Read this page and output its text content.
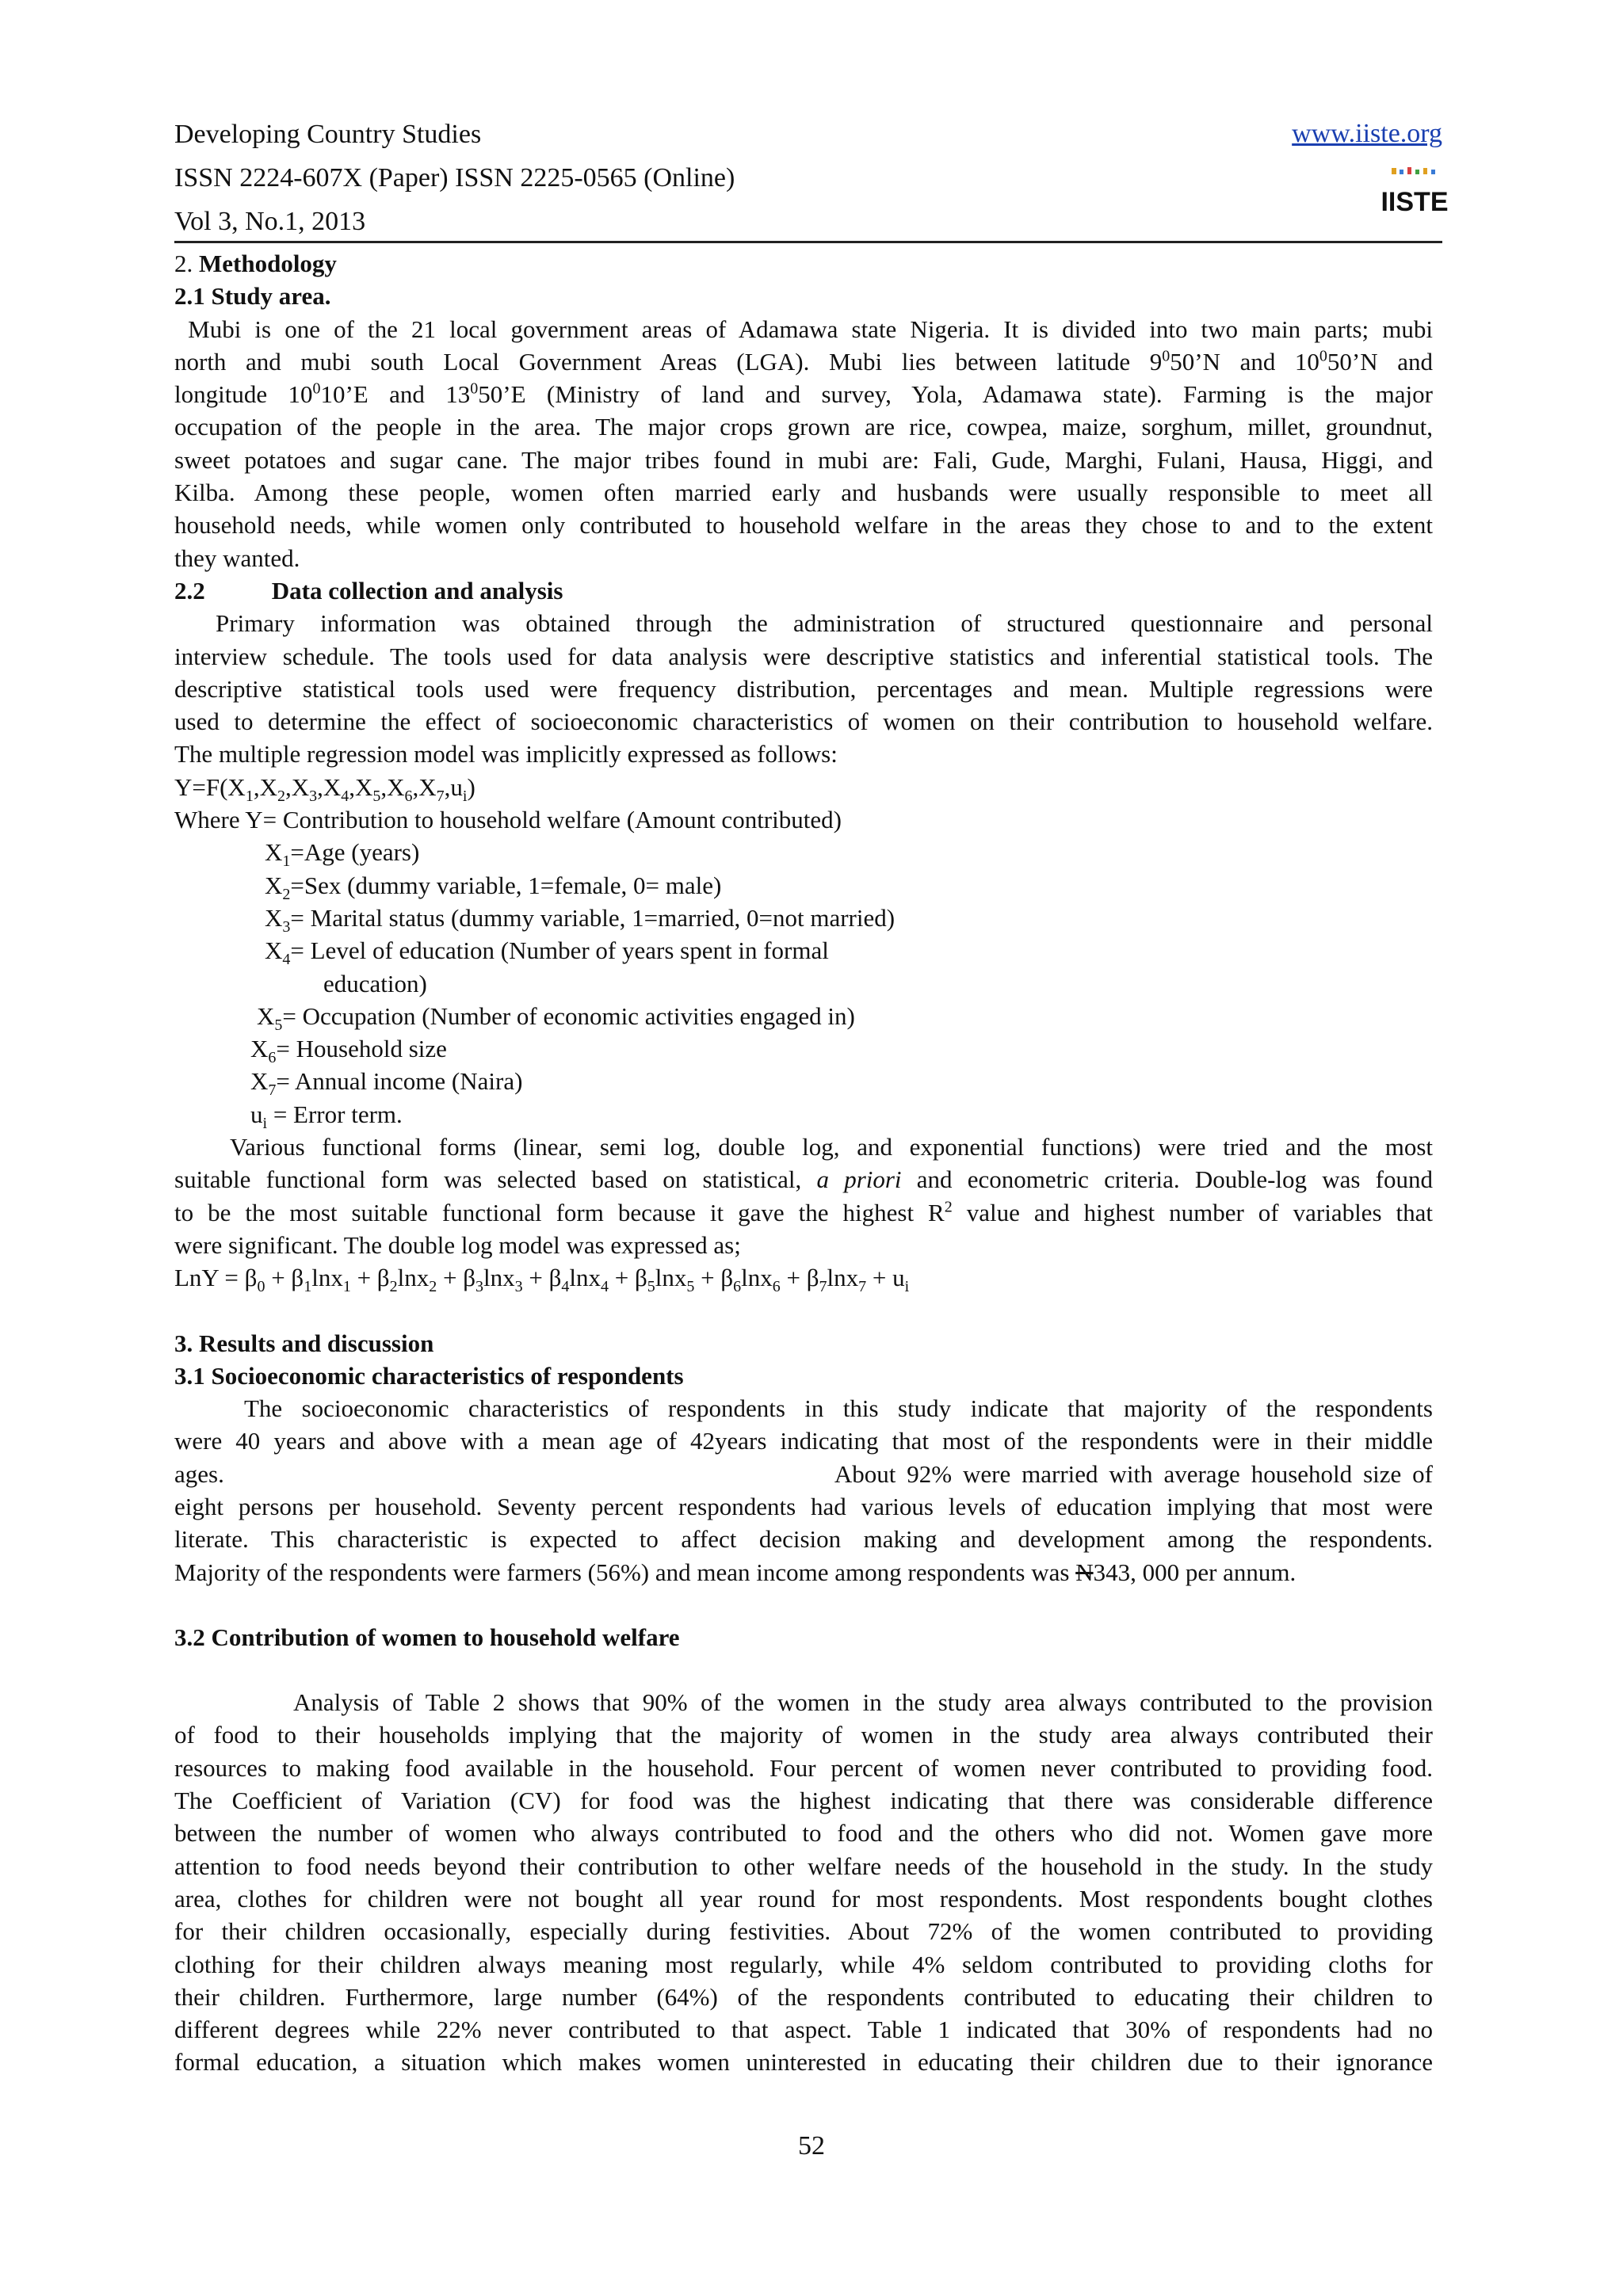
Developing Country Studies
ISSN 2224-607X (Paper) ISSN 2225-0565 (Online)
Vol 3, No.1, 2013
www.iiste.org
IISTE

2. Methodology

2.1 Study area.

Mubi is one of the 21 local government areas of Adamawa state Nigeria. It is divided into two main parts; mubi

north and mubi south Local Government Areas (LGA). Mubi lies between latitude $9^050’N$ and $10^050’N$ and

longitude $10^010’E$ and $13^050’E$ (Ministry of land and survey, Yola, Adamawa state). Farming is the major

occupation of the people in the area. The major crops grown are rice, cowpea, maize, sorghum, millet, groundnut,

sweet potatoes and sugar cane. The major tribes found in mubi are: Fali, Gude, Marghi, Fulani, Hausa, Higgi, and

Kilba. Among these people, women often married early and husbands were usually responsible to meet all

household needs, while women only contributed to household welfare in the areas they chose to and to the extent

they wanted.

2.2	Data collection and analysis

Primary information was obtained through the administration of structured questionnaire and personal

interview schedule. The tools used for data analysis were descriptive statistics and inferential statistical tools. The

descriptive statistical tools used were frequency distribution, percentages and mean. Multiple regressions were

used to determine the effect of socioeconomic characteristics of women on their contribution to household welfare.

The multiple regression model was implicitly expressed as follows:

$Y=F(X_1,X_2,X_3,X_4,X_5,X_6,X_7,u_i)$

Where Y= Contribution to household welfare (Amount contributed)

$X_1=Age$ (years)

$X_2=Sex$ (dummy variable, 1=female, 0= male)

$X_3=$ Marital status (dummy variable, 1=married, 0=not married)

$X_4=$ Level of education (Number of years spent in formal

education)

$X_5=$ Occupation (Number of economic activities engaged in)

$X_6=$ Household size

$X_7=$ Annual income (Naira)

$u_i$ = Error term.

Various functional forms (linear, semi log, double log, and exponential functions) were tried and the most

suitable functional form was selected based on statistical, a priori and econometric criteria. Double-log was found

to be the most suitable functional form because it gave the highest $R^2$ value and highest number of variables that

were significant. The double log model was expressed as;

LnY = $\beta_0 + \beta_1\ln x_1 + \beta_2\ln x_2 + \beta_3\ln x_3 + \beta_4\ln x_4 + \beta_5\ln x_5 + \beta_6\ln x_6 + \beta_7\ln x_7 + u_i$

3. Results and discussion

3.1 Socioeconomic characteristics of respondents

The socioeconomic characteristics of respondents in this study indicate that majority of the respondents

were 40 years and above with a mean age of 42years indicating that most of the respondents were in their middle

ages.	About 92% were married with average household size of

eight persons per household. Seventy percent respondents had various levels of education implying that most were

literate. This characteristic is expected to affect decision making and development among the respondents.

Majority of the respondents were farmers (56%) and mean income among respondents was N343, 000 per annum.

3.2 Contribution of women to household welfare

Analysis of Table 2 shows that 90% of the women in the study area always contributed to the provision

of food to their households implying that the majority of women in the study area always contributed their

resources to making food available in the household. Four percent of women never contributed to providing food.

The Coefficient of Variation (CV) for food was the highest indicating that there was considerable difference

between the number of women who always contributed to food and the others who did not. Women gave more

attention to food needs beyond their contribution to other welfare needs of the household in the study. In the study

area, clothes for children were not bought all year round for most respondents. Most respondents bought clothes

for their children occasionally, especially during festivities. About 72% of the women contributed to providing

clothing for their children always meaning most regularly, while 4% seldom contributed to providing cloths for

their children. Furthermore, large number (64%) of the respondents contributed to educating their children to

different degrees while 22% never contributed to that aspect. Table 1 indicated that 30% of respondents had no

formal education, a situation which makes women uninterested in educating their children due to their ignorance

52
